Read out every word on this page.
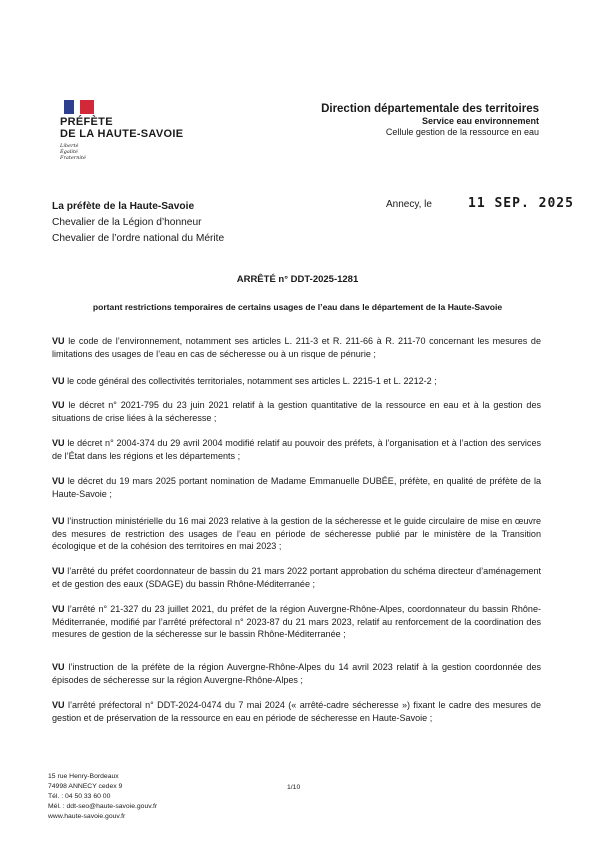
PRÉFÈTE
DE LA HAUTE-SAVOIE
Liberté
Égalité
Fraternité
Direction départementale des territoires
Service eau environnement
Cellule gestion de la ressource en eau
La préfète de la Haute-Savoie
Chevalier de la Légion d’honneur
Chevalier de l’ordre national du Mérite
Annecy, le	11 SEP. 2025
ARRÊTÉ n° DDT-2025-1281
portant restrictions temporaires de certains usages de l’eau dans le département de la Haute-Savoie

VU le code de l’environnement, notamment ses articles L. 211-3 et R. 211-66 à R. 211-70 concernant les mesures de limitations des usages de l’eau en cas de sécheresse ou à un risque de pénurie ;

VU le code général des collectivités territoriales, notamment ses articles L. 2215-1 et L. 2212-2 ;

VU le décret n° 2021-795 du 23 juin 2021 relatif à la gestion quantitative de la ressource en eau et à la gestion des situations de crise liées à la sécheresse ;

VU le décret n° 2004-374 du 29 avril 2004 modifié relatif au pouvoir des préfets, à l’organisation et à l’action des services de l’État dans les régions et les départements ;

VU le décret du 19 mars 2025 portant nomination de Madame Emmanuelle DUBÉE, préfète, en qualité de préfète de la Haute-Savoie ;

VU l’instruction ministérielle du 16 mai 2023 relative à la gestion de la sécheresse et le guide circulaire de mise en œuvre des mesures de restriction des usages de l’eau en période de sécheresse publié par le ministère de la Transition écologique et de la cohésion des territoires en mai 2023 ;

VU l’arrêté du préfet coordonnateur de bassin du 21 mars 2022 portant approbation du schéma directeur d’aménagement et de gestion des eaux (SDAGE) du bassin Rhône-Méditerranée ;

VU l’arrêté n° 21-327 du 23 juillet 2021, du préfet de la région Auvergne-Rhône-Alpes, coordonnateur du bassin Rhône-Méditerranée, modifié par l’arrêté préfectoral n° 2023-87 du 21 mars 2023, relatif au renforcement de la coordination des mesures de gestion de la sécheresse sur le bassin Rhône-Méditerranée ;

VU l’instruction de la préfète de la région Auvergne-Rhône-Alpes du 14 avril 2023 relatif à la gestion coordonnée des épisodes de sécheresse sur la région Auvergne-Rhône-Alpes ;

VU l’arrêté préfectoral n° DDT-2024-0474 du 7 mai 2024 (« arrêté-cadre sécheresse ») fixant le cadre des mesures de gestion et de préservation de la ressource en eau en période de sécheresse en Haute-Savoie ;

15 rue Henry-Bordeaux
74998 ANNECY cedex 9
Tél. : 04 50 33 60 00
Mél. : ddt-seo@haute-savoie.gouv.fr
www.haute-savoie.gouv.fr
1/10
